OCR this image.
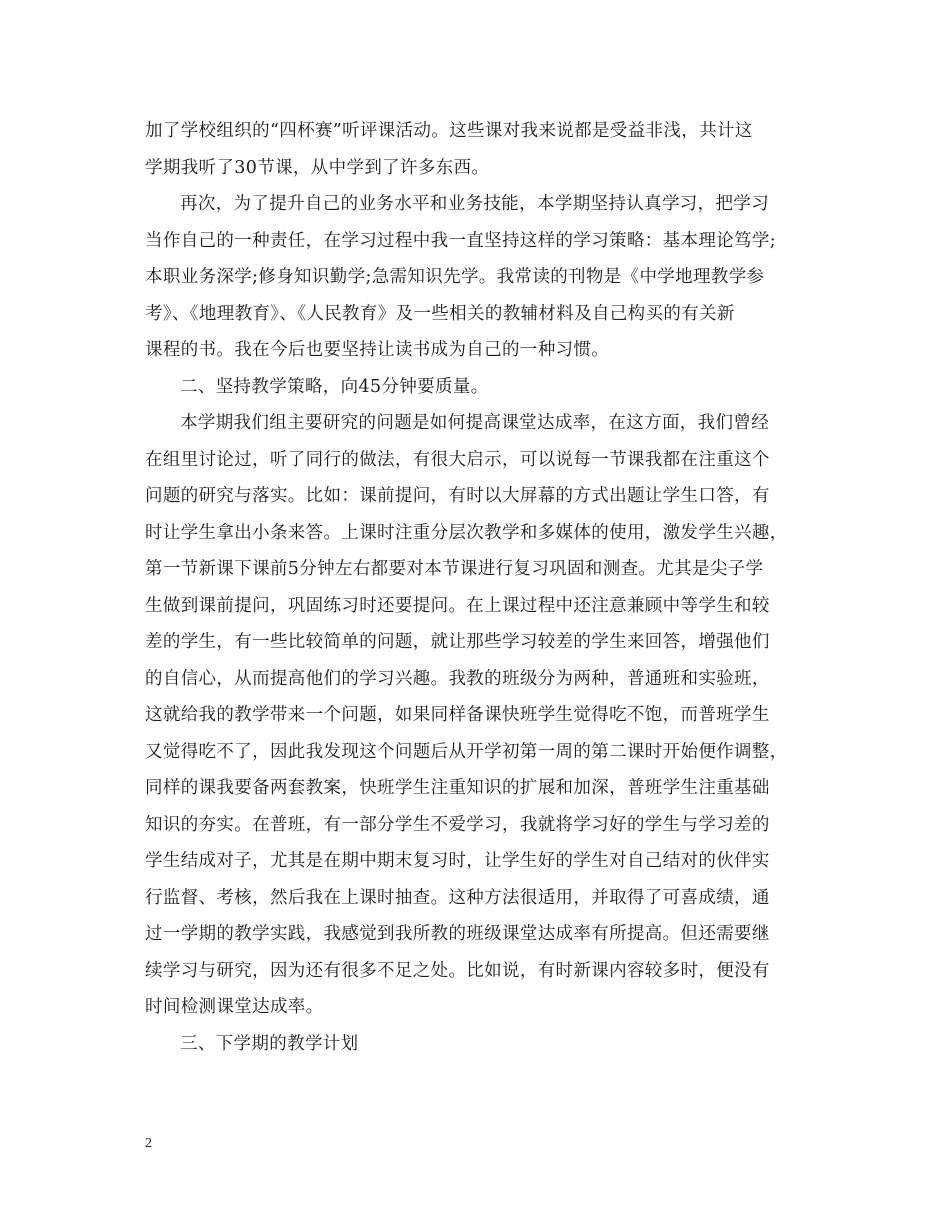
加了学校组织的“四杯赛”听评课活动。这些课对我来说都是受益非浅，共计这
学期我听了30节课，从中学到了许多东西。
再次，为了提升自己的业务水平和业务技能，本学期坚持认真学习，把学习
当作自己的一种责任，在学习过程中我一直坚持这样的学习策略：基本理论笃学;
本职业务深学;修身知识勤学;急需知识先学。我常读的刊物是《中学地理教学参
考》、《地理教育》、《人民教育》及一些相关的教辅材料及自己构买的有关新
课程的书。我在今后也要坚持让读书成为自己的一种习惯。
二、坚持教学策略，向45分钟要质量。
本学期我们组主要研究的问题是如何提高课堂达成率，在这方面，我们曾经
在组里讨论过，听了同行的做法，有很大启示，可以说每一节课我都在注重这个
问题的研究与落实。比如：课前提问，有时以大屏幕的方式出题让学生口答，有
时让学生拿出小条来答。上课时注重分层次教学和多媒体的使用，激发学生兴趣，
第一节新课下课前5分钟左右都要对本节课进行复习巩固和测查。尤其是尖子学
生做到课前提问，巩固练习时还要提问。在上课过程中还注意兼顾中等学生和较
差的学生，有一些比较简单的问题，就让那些学习较差的学生来回答，增强他们
的自信心，从而提高他们的学习兴趣。我教的班级分为两种，普通班和实验班，
这就给我的教学带来一个问题，如果同样备课快班学生觉得吃不饱，而普班学生
又觉得吃不了，因此我发现这个问题后从开学初第一周的第二课时开始便作调整，
同样的课我要备两套教案，快班学生注重知识的扩展和加深，普班学生注重基础
知识的夯实。在普班，有一部分学生不爱学习，我就将学习好的学生与学习差的
学生结成对子，尤其是在期中期末复习时，让学生好的学生对自己结对的伙伴实
行监督、考核，然后我在上课时抽查。这种方法很适用，并取得了可喜成绩，通
过一学期的教学实践，我感觉到我所教的班级课堂达成率有所提高。但还需要继
续学习与研究，因为还有很多不足之处。比如说，有时新课内容较多时，便没有
时间检测课堂达成率。
三、下学期的教学计划
2
